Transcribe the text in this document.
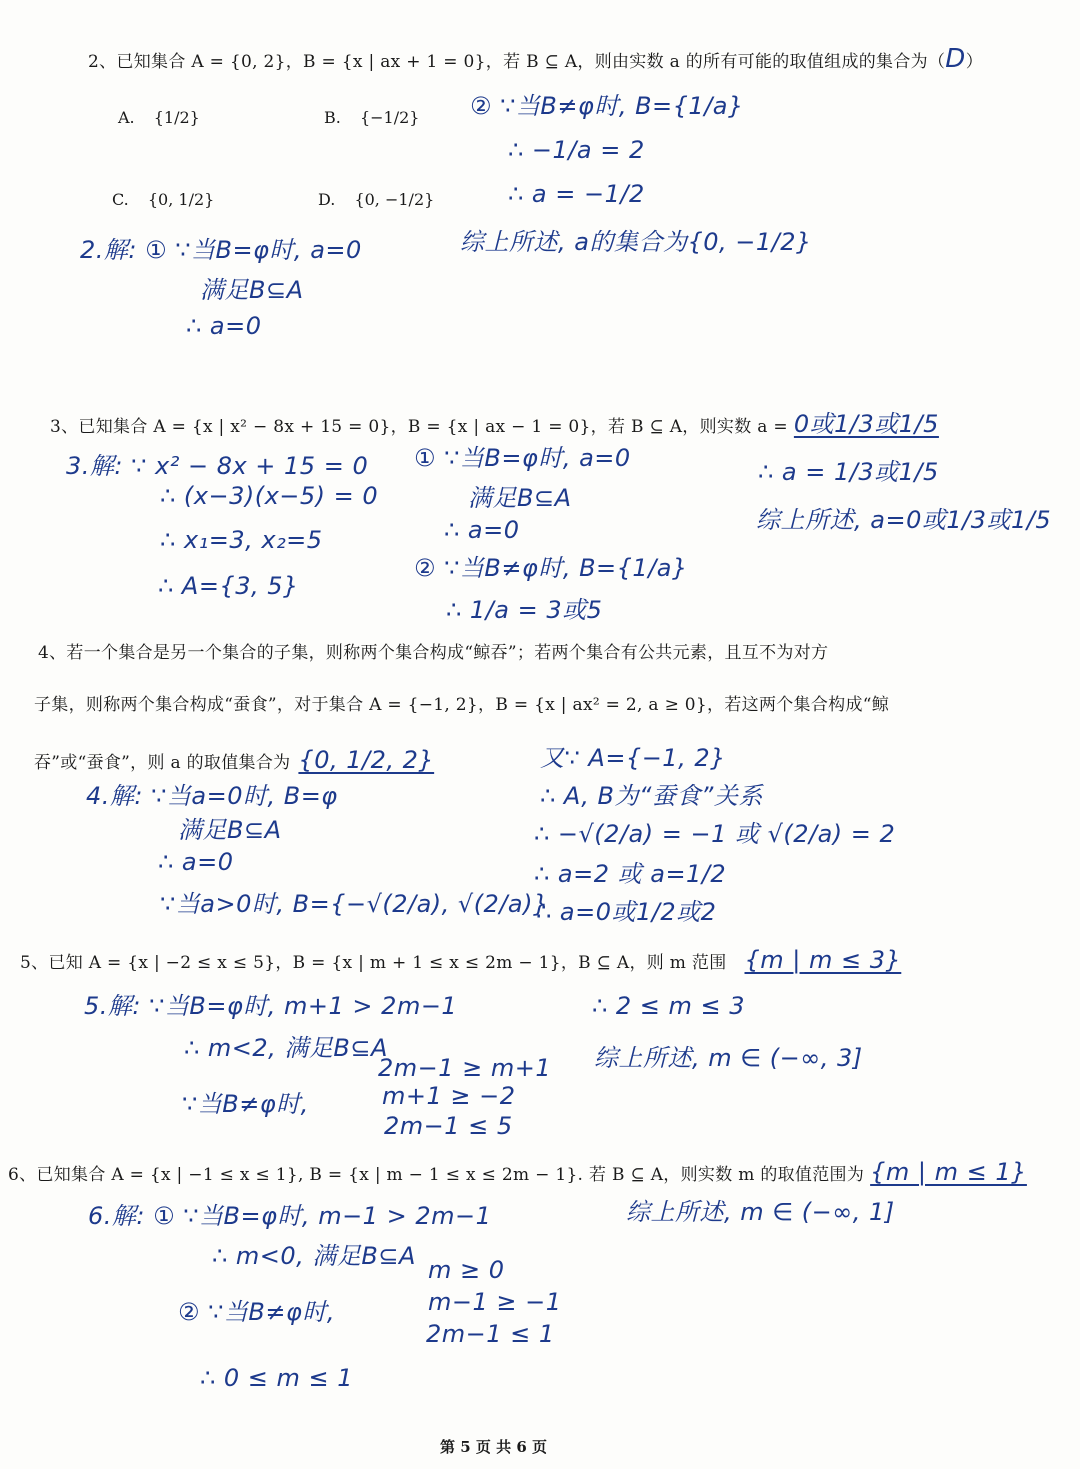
2、已知集合 A = {0, 2}，B = {x | ax + 1 = 0}，若 B ⊆ A，则由实数 a 的所有可能的取值组成的集合为（D）
A. {1/2}	B. {−1/2}
C. {0, 1/2}	D. {0, −1/2}
② ∵当B≠φ时, B={1/a}
∴ −1/a = 2
∴ a = −1/2
2.解: ① ∵当B=φ时, a=0
满足B⊆A
∴ a=0
综上所述, a的集合为{0, −1/2}
3、已知集合 A = {x | x² − 8x + 15 = 0}，B = {x | ax − 1 = 0}，若 B ⊆ A，则实数 a = 0或1/3或1/5
3.解: ∵ x² − 8x + 15 = 0
∴ (x−3)(x−5) = 0
∴ x₁=3, x₂=5
∴ A={3, 5}
① ∵当B=φ时, a=0
满足B⊆A
∴ a=0
② ∵当B≠φ时, B={1/a}
∴ 1/a = 3或5
∴ a = 1/3或1/5
综上所述, a=0或1/3或1/5
4、若一个集合是另一个集合的子集，则称两个集合构成“鲸吞”；若两个集合有公共元素，且互不为对方
子集，则称两个集合构成“蚕食”，对于集合 A = {−1, 2}，B = {x | ax² = 2, a ≥ 0}，若这两个集合构成“鲸
吞”或“蚕食”，则 a 的取值集合为 {0, 1/2, 2}
4.解: ∵当a=0时, B=φ
满足B⊆A
∴ a=0
∵当a>0时, B={−√(2/a), √(2/a)}
又∵ A={−1, 2}
∴ A, B为“蚕食”关系
∴ −√(2/a) = −1 或 √(2/a) = 2
∴ a=2 或 a=1/2
∴ a=0或1/2或2
5、已知 A = {x | −2 ≤ x ≤ 5}，B = {x | m + 1 ≤ x ≤ 2m − 1}，B ⊆ A，则 m 范围 {m | m ≤ 3}
5.解: ∵当B=φ时, m+1 > 2m−1
∴ m<2, 满足B⊆A
∵当B≠φ时,
2m−1 ≥ m+1
m+1 ≥ −2
2m−1 ≤ 5
∴ 2 ≤ m ≤ 3
综上所述, m ∈ (−∞, 3]
6、已知集合 A = {x | −1 ≤ x ≤ 1}, B = {x | m − 1 ≤ x ≤ 2m − 1}. 若 B ⊆ A，则实数 m 的取值范围为 {m | m ≤ 1}
6.解: ① ∵当B=φ时, m−1 > 2m−1
∴ m<0, 满足B⊆A
② ∵当B≠φ时,
m ≥ 0
m−1 ≥ −1
2m−1 ≤ 1
∴ 0 ≤ m ≤ 1
综上所述, m ∈ (−∞, 1]
第 5 页 共 6 页
